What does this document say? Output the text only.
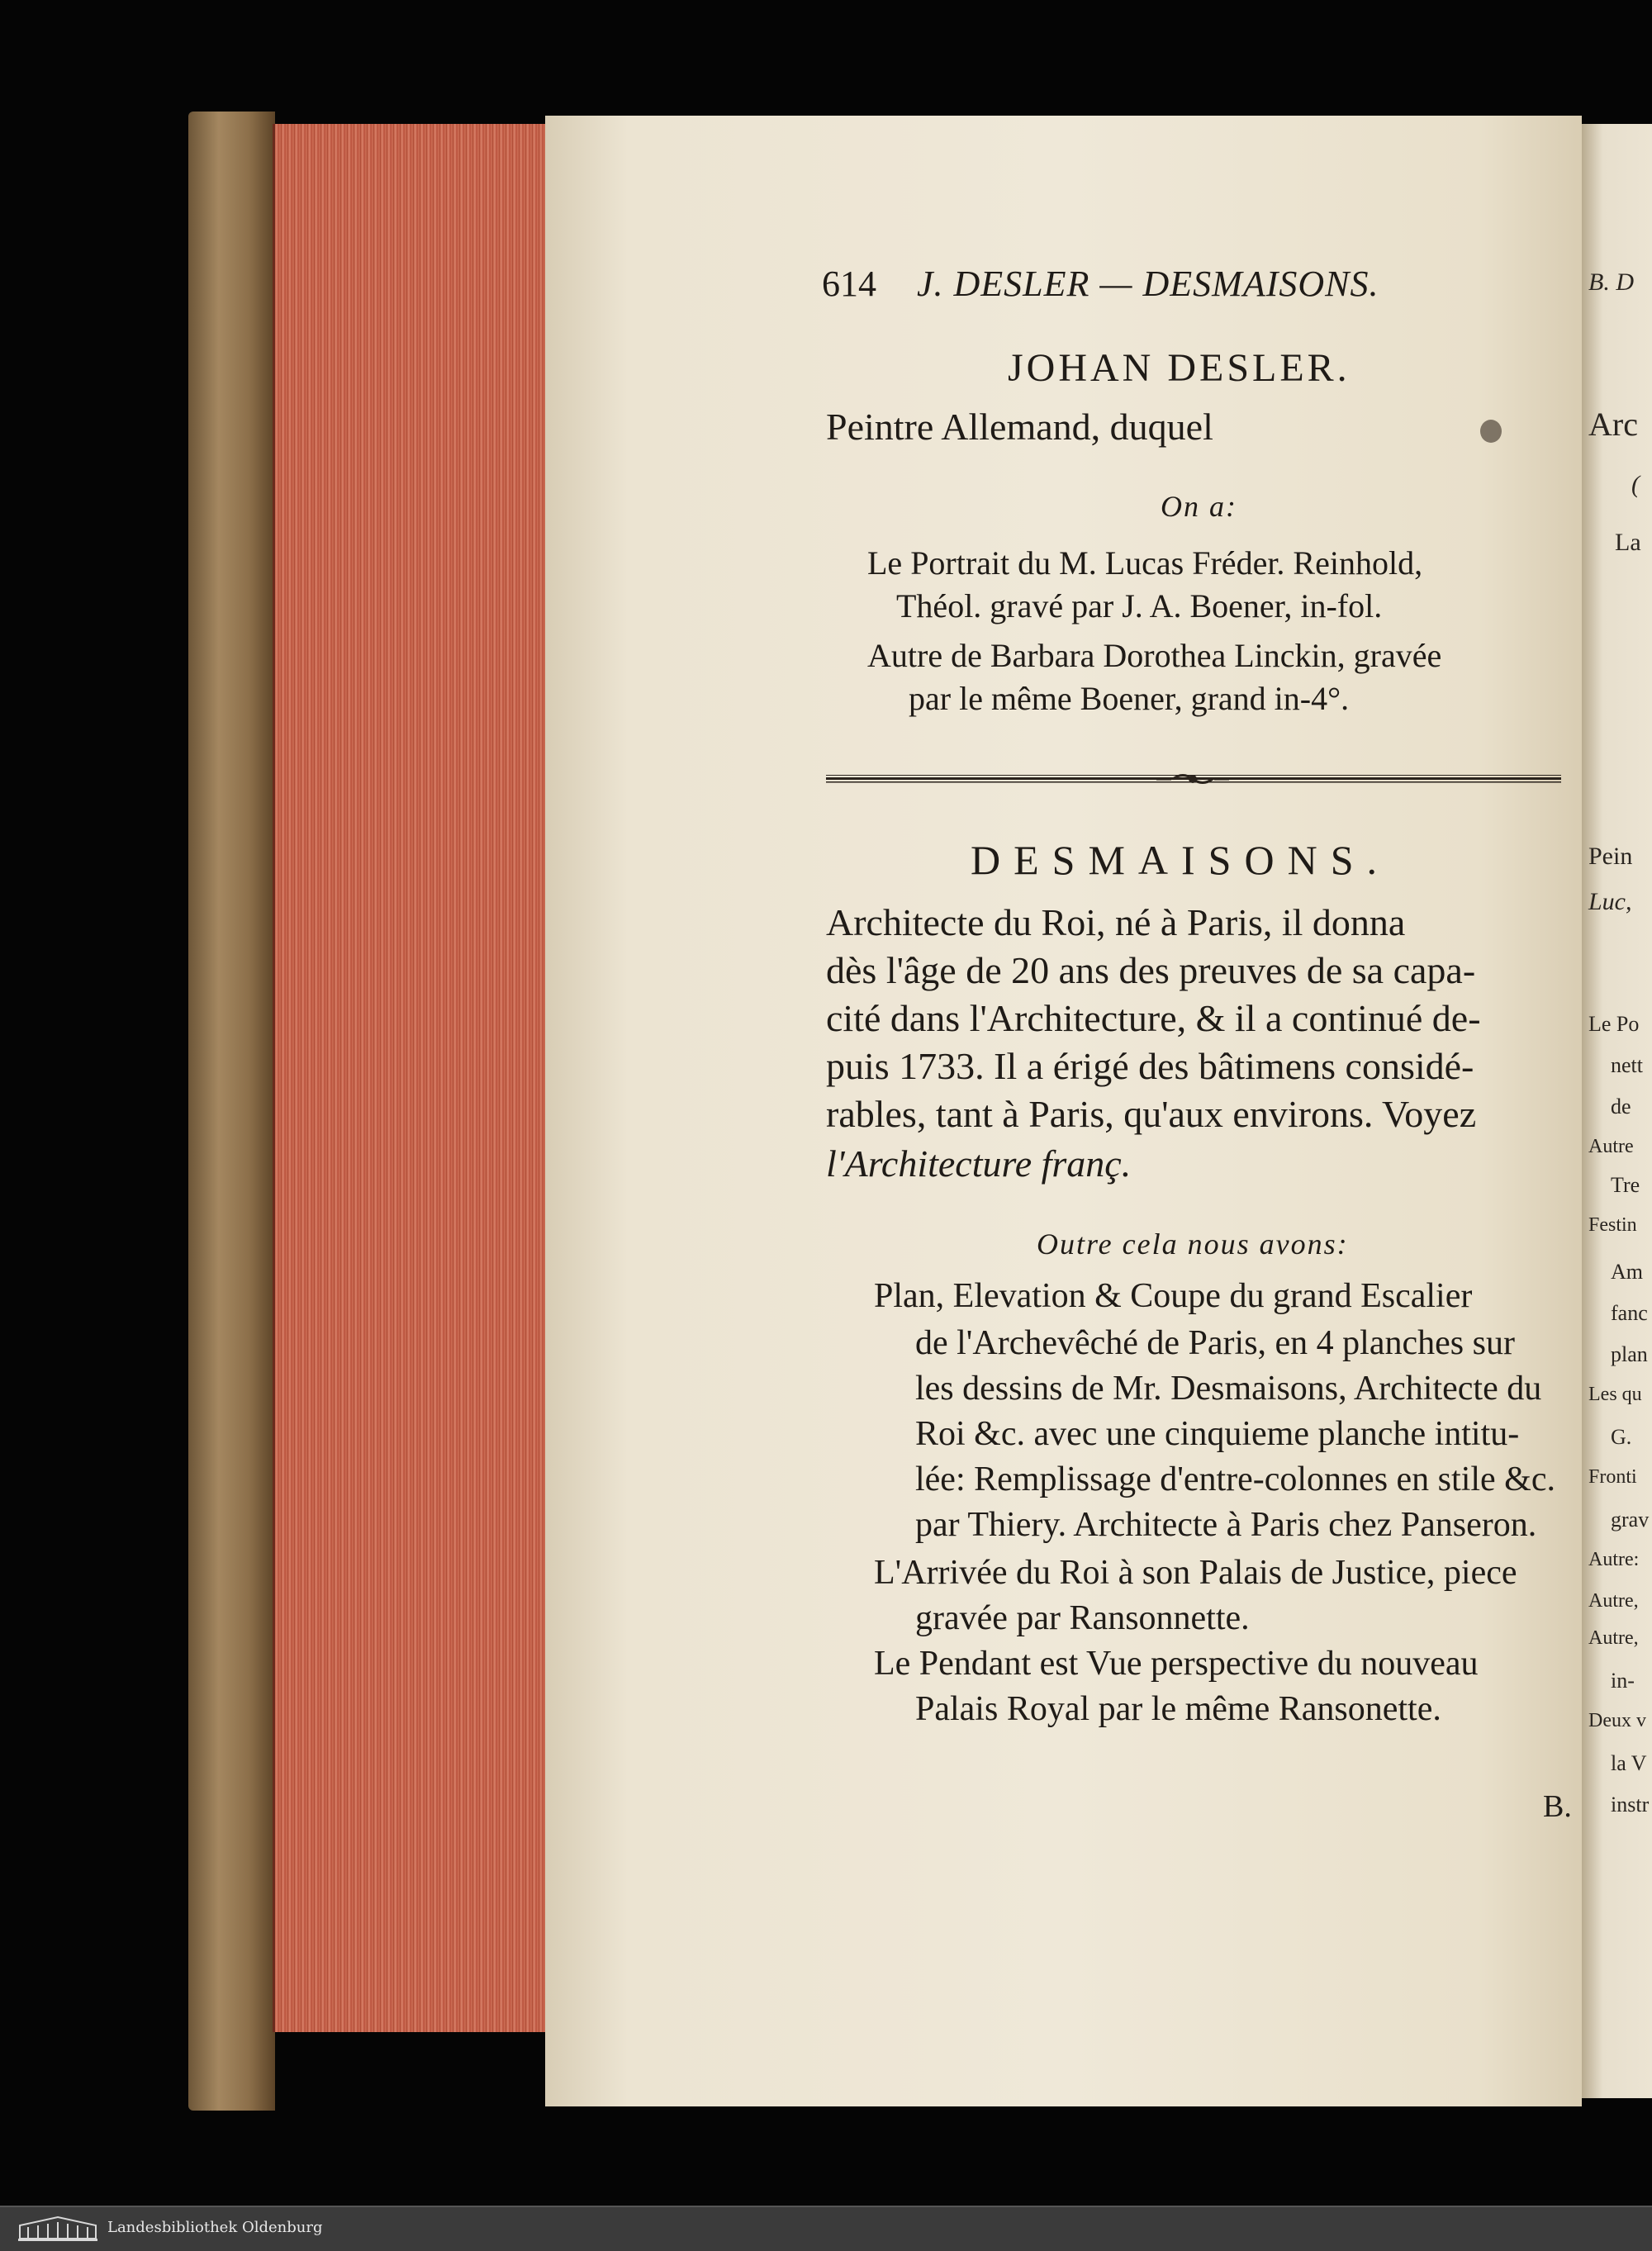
614 J. DESLER — DESMAISONS.
JOHAN DESLER.
Peintre Allemand, duquel
On a:
Le Portrait du M. Lucas Fréder. Reinhold,
Théol. gravé par J. A. Boener, in-fol.
Autre de Barbara Dorothea Linckin, gravée
par le même Boener, grand in-4°.
DESMAISONS.
Architecte du Roi, né à Paris, il donna
dès l'âge de 20 ans des preuves de sa capa-
cité dans l'Architecture, & il a continué de-
puis 1733. Il a érigé des bâtimens considé-
rables, tant à Paris, qu'aux environs. Voyez
l'Architecture franç.
Outre cela nous avons:
Plan, Elevation & Coupe du grand Escalier
de l'Archevêché de Paris, en 4 planches sur
les dessins de Mr. Desmaisons, Architecte du
Roi &c. avec une cinquieme planche intitu-
lée: Remplissage d'entre-colonnes en stile &c.
par Thiery. Architecte à Paris chez Panseron.
L'Arrivée du Roi à son Palais de Justice, piece
gravée par Ransonnette.
Le Pendant est Vue perspective du nouveau
Palais Royal par le même Ransonette.
B.
B. D
Arc
(
La
Pein
Luc,
Le Po
nett
de
Autre
Tre
Festin
Am
fanc
plan
Les qu
G.
Fronti
grav
Autre:
Autre,
Autre,
in-
Deux v
la V
instr
Landesbibliothek Oldenburg
